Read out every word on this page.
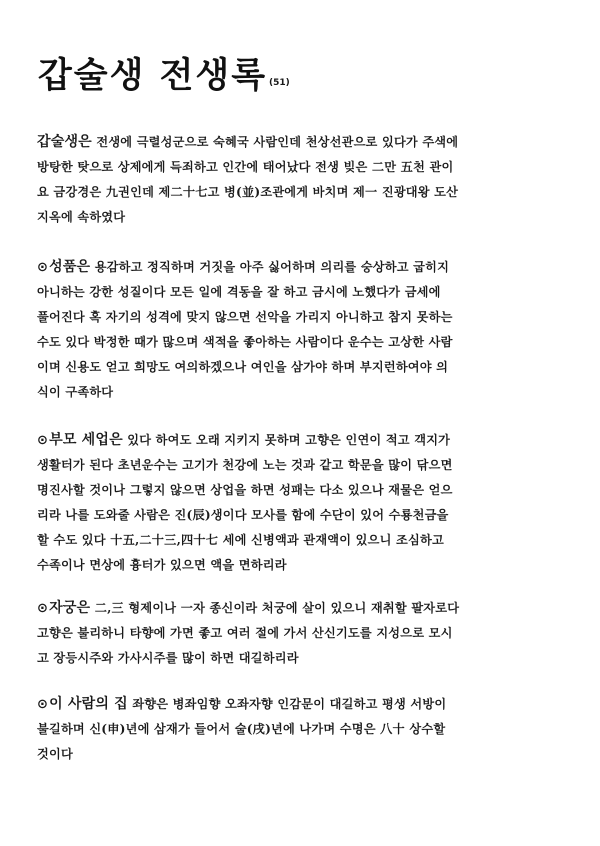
갑술생 전생록 (51)
갑술생은 전생에 극렬성군으로 숙혜국 사람인데 천상선관으로 있다가 주색에
방탕한 탓으로 상제에게 득죄하고 인간에 태어났다 전생 빚은 二만 五천 관이
요 금강경은 九권인데 제二十七고 병(並)조관에게 바치며 제一 진광대왕 도산
지옥에 속하였다
⊙성품은 용감하고 정직하며 거짓을 아주 싫어하며 의리를 숭상하고 굽히지
아니하는 강한 성질이다 모든 일에 격동을 잘 하고 금시에 노했다가 금세에
풀어진다 혹 자기의 성격에 맞지 않으면 선악을 가리지 아니하고 참지 못하는
수도 있다 박정한 때가 많으며 색적을 좋아하는 사람이다 운수는 고상한 사람
이며 신용도 얻고 희망도 여의하겠으나 여인을 삼가야 하며 부지런하여야 의
식이 구족하다
⊙부모 세업은 있다 하여도 오래 지키지 못하며 고향은 인연이 적고 객지가
생활터가 된다 초년운수는 고기가 천강에 노는 것과 같고 학문을 많이 닦으면
명진사할 것이나 그렇지 않으면 상업을 하면 성패는 다소 있으나 재물은 얻으
리라 나를 도와줄 사람은 진(辰)생이다 모사를 함에 수단이 있어 수룡천금을
할 수도 있다 十五,二十三,四十七 세에 신병액과 관재액이 있으니 조심하고
수족이나 면상에 흉터가 있으면 액을 면하리라
⊙자궁은 二,三 형제이나 一자 종신이라 처궁에 살이 있으니 재취할 팔자로다
고향은 불리하니 타향에 가면 좋고 여러 절에 가서 산신기도를 지성으로 모시
고 장등시주와 가사시주를 많이 하면 대길하리라
⊙이 사람의 집 좌향은 병좌임향 오좌자향 인감문이 대길하고 평생 서방이
불길하며 신(申)년에 삼재가 들어서 술(戌)년에 나가며 수명은 八十 상수할
것이다
